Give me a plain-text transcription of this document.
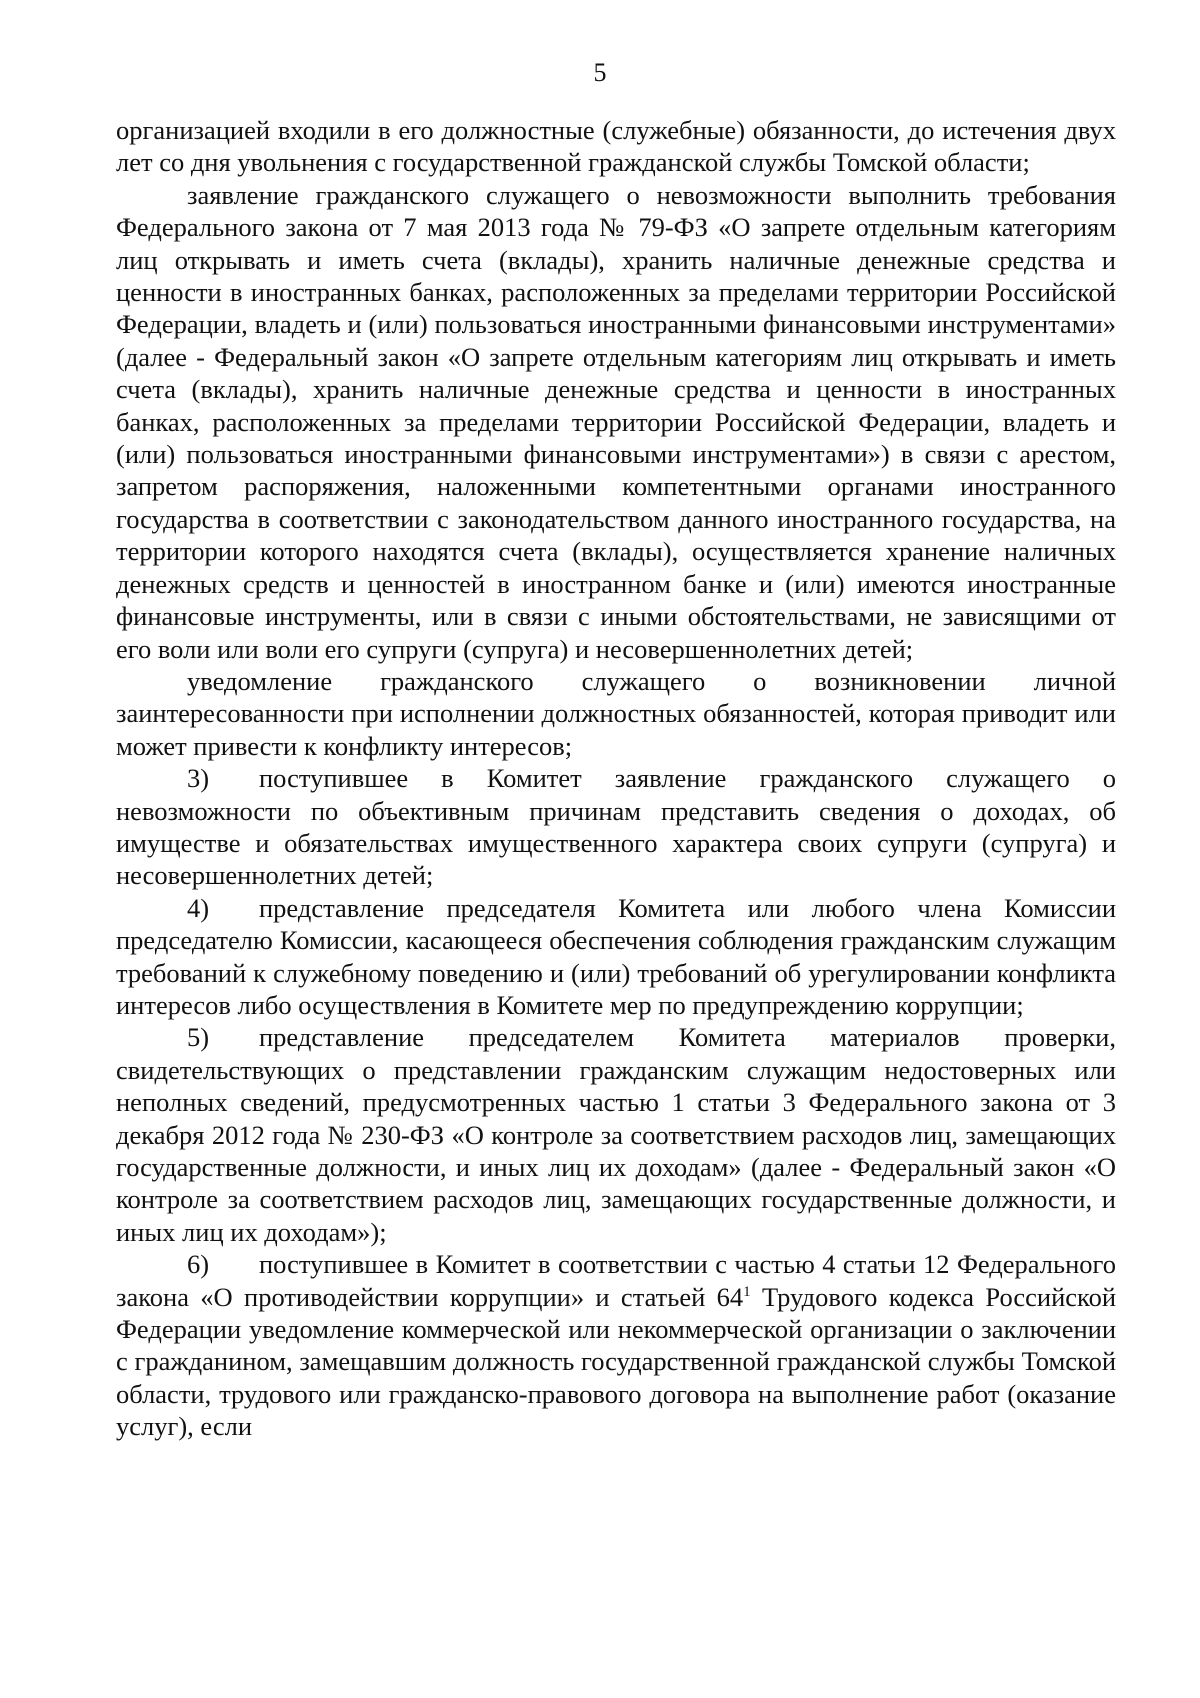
5

организацией входили в его должностные (служебные) обязанности, до истечения двух лет со дня увольнения с государственной гражданской службы Томской области;

заявление гражданского служащего о невозможности выполнить требования Федерального закона от 7 мая 2013 года № 79-ФЗ «О запрете отдельным категориям лиц открывать и иметь счета (вклады), хранить наличные денежные средства и ценности в иностранных банках, расположенных за пределами территории Российской Федерации, владеть и (или) пользоваться иностранными финансовыми инструментами» (далее - Федеральный закон «О запрете отдельным категориям лиц открывать и иметь счета (вклады), хранить наличные денежные средства и ценности в иностранных банках, расположенных за пределами территории Российской Федерации, владеть и (или) пользоваться иностранными финансовыми инструментами») в связи с арестом, запретом распоряжения, наложенными компетентными органами иностранного государства в соответствии с законодательством данного иностранного государства, на территории которого находятся счета (вклады), осуществляется хранение наличных денежных средств и ценностей в иностранном банке и (или) имеются иностранные финансовые инструменты, или в связи с иными обстоятельствами, не зависящими от его воли или воли его супруги (супруга) и несовершеннолетних детей;

уведомление гражданского служащего о возникновении личной заинтересованности при исполнении должностных обязанностей, которая приводит или может привести к конфликту интересов;

3) поступившее в Комитет заявление гражданского служащего о невозможности по объективным причинам представить сведения о доходах, об имуществе и обязательствах имущественного характера своих супруги (супруга) и несовершеннолетних детей;

4) представление председателя Комитета или любого члена Комиссии председателю Комиссии, касающееся обеспечения соблюдения гражданским служащим требований к служебному поведению и (или) требований об урегулировании конфликта интересов либо осуществления в Комитете мер по предупреждению коррупции;

5) представление председателем Комитета материалов проверки, свидетельствующих о представлении гражданским служащим недостоверных или неполных сведений, предусмотренных частью 1 статьи 3 Федерального закона от 3 декабря 2012 года № 230-ФЗ «О контроле за соответствием расходов лиц, замещающих государственные должности, и иных лиц их доходам» (далее - Федеральный закон «О контроле за соответствием расходов лиц, замещающих государственные должности, и иных лиц их доходам»);

6) поступившее в Комитет в соответствии с частью 4 статьи 12 Федерального закона «О противодействии коррупции» и статьей $64^1$ Трудового кодекса Российской Федерации уведомление коммерческой или некоммерческой организации о заключении с гражданином, замещавшим должность государственной гражданской службы Томской области, трудового или гражданско-правового договора на выполнение работ (оказание услуг), если
